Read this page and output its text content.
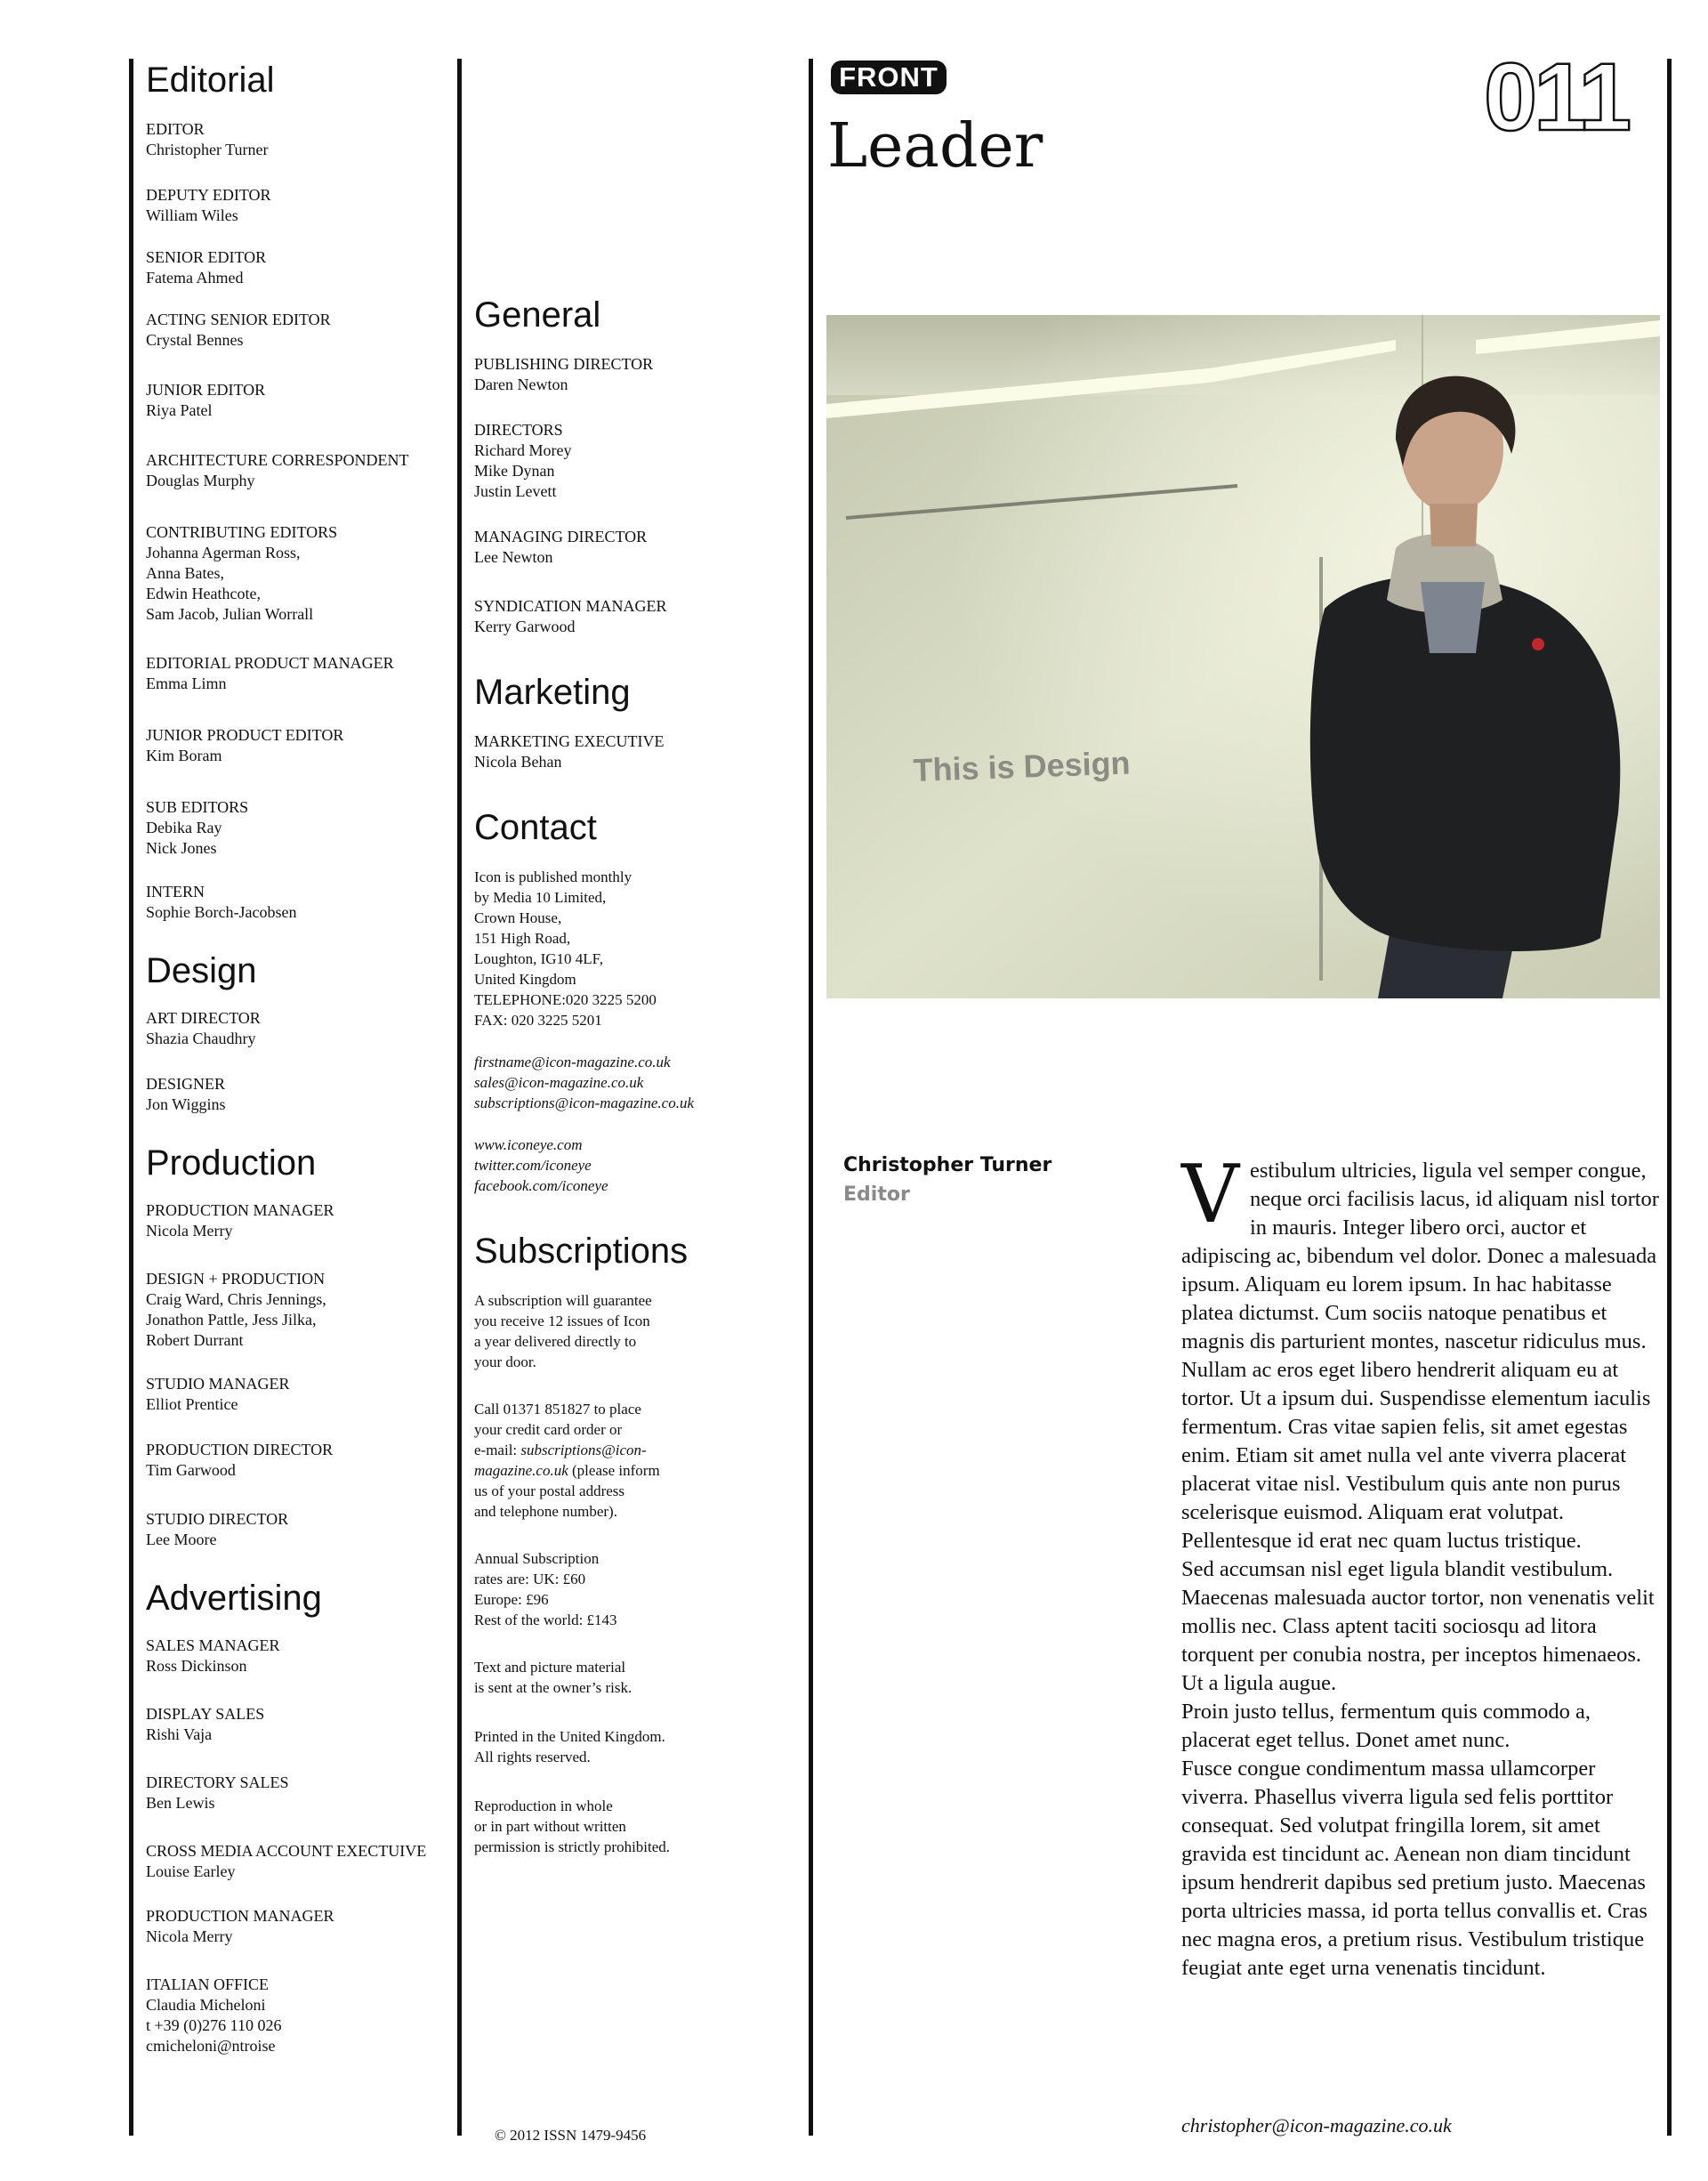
Editorial

EDITOR
Christopher Turner

DEPUTY EDITOR
William Wiles

SENIOR EDITOR
Fatema Ahmed

ACTING SENIOR EDITOR
Crystal Bennes

JUNIOR EDITOR
Riya Patel

ARCHITECTURE CORRESPONDENT
Douglas Murphy

CONTRIBUTING EDITORS
Johanna Agerman Ross,
Anna Bates,
Edwin Heathcote,
Sam Jacob, Julian Worrall

EDITORIAL PRODUCT MANAGER
Emma Limn

JUNIOR PRODUCT EDITOR
Kim Boram

SUB EDITORS
Debika Ray
Nick Jones

INTERN
Sophie Borch-Jacobsen

Design

ART DIRECTOR
Shazia Chaudhry

DESIGNER
Jon Wiggins

Production

PRODUCTION MANAGER
Nicola Merry

DESIGN + PRODUCTION
Craig Ward, Chris Jennings,
Jonathon Pattle, Jess Jilka,
Robert Durrant

STUDIO MANAGER
Elliot Prentice

PRODUCTION DIRECTOR
Tim Garwood

STUDIO DIRECTOR
Lee Moore

Advertising

SALES MANAGER
Ross Dickinson

DISPLAY SALES
Rishi Vaja

DIRECTORY SALES
Ben Lewis

CROSS MEDIA ACCOUNT EXECTUIVE
Louise Earley

PRODUCTION MANAGER
Nicola Merry

ITALIAN OFFICE
Claudia Micheloni
t +39 (0)276 110 026
cmicheloni@ntroise

General

PUBLISHING DIRECTOR
Daren Newton

DIRECTORS
Richard Morey
Mike Dynan
Justin Levett

MANAGING DIRECTOR
Lee Newton

SYNDICATION MANAGER
Kerry Garwood

Marketing

MARKETING EXECUTIVE
Nicola Behan

Contact

Icon is published monthly
by Media 10 Limited,
Crown House,
151 High Road,
Loughton, IG10 4LF,
United Kingdom
TELEPHONE:020 3225 5200
FAX: 020 3225 5201

firstname@icon-magazine.co.uk
sales@icon-magazine.co.uk
subscriptions@icon-magazine.co.uk

www.iconeye.com
twitter.com/iconeye
facebook.com/iconeye

Subscriptions

A subscription will guarantee
you receive 12 issues of Icon
a year delivered directly to
your door.

Call 01371 851827 to place
your credit card order or
e-mail: subscriptions@icon-
magazine.co.uk (please inform
us of your postal address
and telephone number).

Annual Subscription
rates are: UK: £60
Europe: £96
Rest of the world: £143

Text and picture material
is sent at the owner’s risk.

Printed in the United Kingdom.
All rights reserved.

Reproduction in whole
or in part without written
permission is strictly prohibited.

© 2012 ISSN 1479-9456
FRONT
Leader	011
This is Design
Christopher Turner
Editor	Vestibulum ultricies, ligula vel semper congue, neque orci facilisis lacus, id aliquam nisl tortor in mauris. Integer libero orci, auctor et adipiscing ac, bibendum vel dolor. Donec a malesuada ipsum. Aliquam eu lorem ipsum. In hac habitasse platea dictumst. Cum sociis natoque penatibus et magnis dis parturient montes, nascetur ridiculus mus. Nullam ac eros eget libero hendrerit aliquam eu at tortor. Ut a ipsum dui. Suspendisse elementum iaculis fermentum. Cras vitae sapien felis, sit amet egestas enim. Etiam sit amet nulla vel ante viverra placerat placerat vitae nisl. Vestibulum quis ante non purus scelerisque euismod. Aliquam erat volutpat. Pellentesque id erat nec quam luctus tristique.
Sed accumsan nisl eget ligula blandit vestibulum. Maecenas malesuada auctor tortor, non venenatis velit mollis nec. Class aptent taciti sociosqu ad litora torquent per conubia nostra, per inceptos himenaeos. Ut a ligula augue.
Proin justo tellus, fermentum quis commodo a, placerat eget tellus. Donet amet nunc.
Fusce congue condimentum massa ullamcorper viverra. Phasellus viverra ligula sed felis porttitor consequat. Sed volutpat fringilla lorem, sit amet gravida est tincidunt ac. Aenean non diam tincidunt ipsum hendrerit dapibus sed pretium justo. Maecenas porta ultricies massa, id porta tellus convallis et. Cras nec magna eros, a pretium risus. Vestibulum tristique feugiat ante eget urna venenatis tincidunt.
christopher@icon-magazine.co.uk
